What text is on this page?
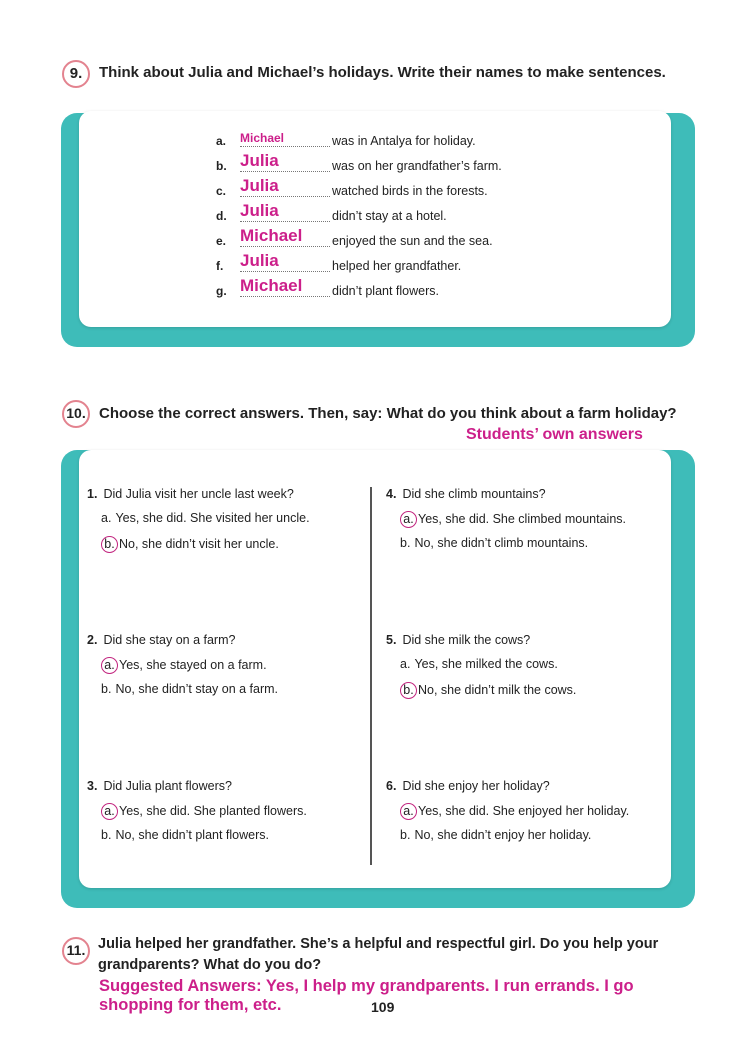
9.	Think about Julia and Michael’s holidays. Write their names to make sentences.
a. Michael	was in Antalya for holiday.
b. Julia	was on her grandfather’s farm.
c. Julia	watched birds in the forests.
d. Julia	didn’t stay at a hotel.
e. Michael enjoyed the sun and the sea.
f. Julia	helped her grandfather.
g. Michael didn’t plant flowers.
10. Choose the correct answers. Then, say: What do you think about a farm holiday?
Students’ own answers
1. Did Julia visit her uncle last week?
a. Yes, she did. She visited her uncle.
b. No, she didn’t visit her uncle.
2. Did she stay on a farm?
a. Yes, she stayed on a farm.
b. No, she didn’t stay on a farm.
3. Did Julia plant flowers?
a. Yes, she did. She planted flowers.
b. No, she didn’t plant flowers.
4. Did she climb mountains?
a. Yes, she did. She climbed mountains.
b. No, she didn’t climb mountains.
5. Did she milk the cows?
a. Yes, she milked the cows.
b. No, she didn’t milk the cows.
6. Did she enjoy her holiday?
a. Yes, she did. She enjoyed her holiday.
b. No, she didn’t enjoy her holiday.
11. Julia helped her grandfather. She’s a helpful and respectful girl. Do you help your
grandparents? What do you do?
Suggested Answers: Yes, I help my grandparents. I run errands. I go
shopping for them, etc.	109
